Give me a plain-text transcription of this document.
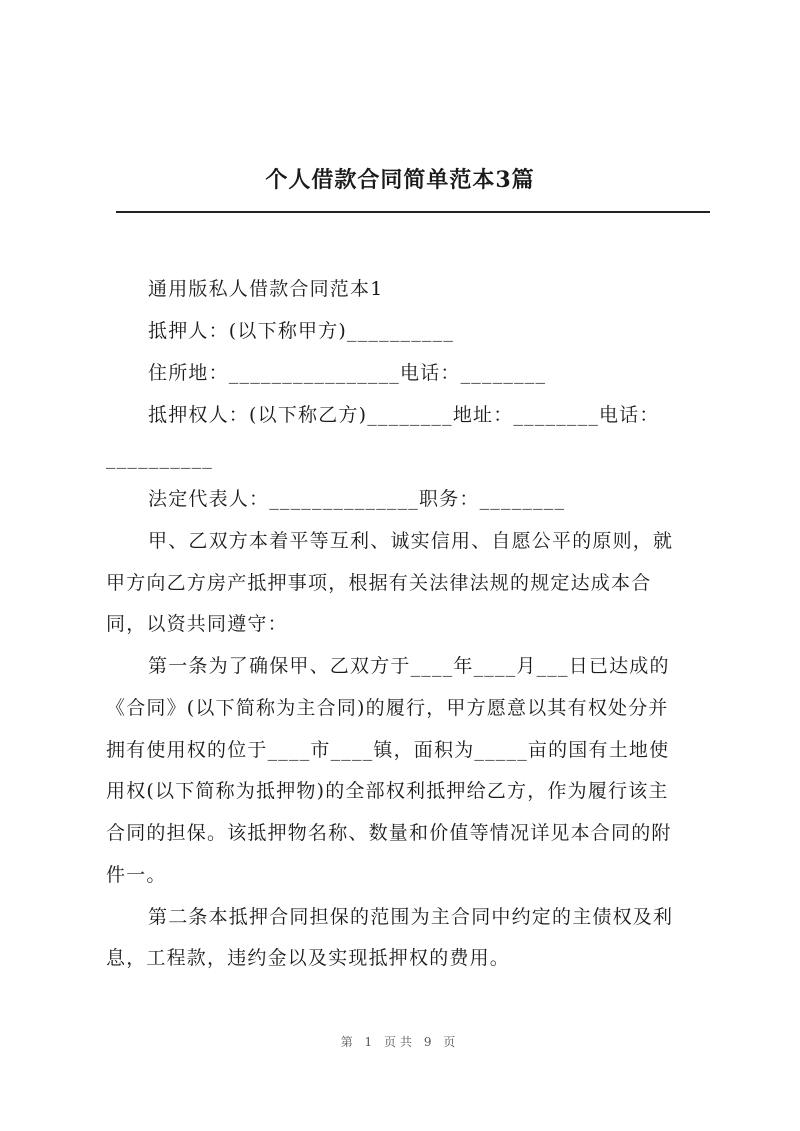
个人借款合同简单范本3篇
通用版私人借款合同范本1
抵押人：(以下称甲方)__________
住所地：________________电话：________
抵押权人：(以下称乙方)________地址：________电话：
__________
法定代表人：______________职务：________
甲、乙双方本着平等互利、诚实信用、自愿公平的原则，就
甲方向乙方房产抵押事项，根据有关法律法规的规定达成本合
同，以资共同遵守：
第一条为了确保甲、乙双方于____年____月___日已达成的
《合同》(以下简称为主合同)的履行，甲方愿意以其有权处分并
拥有使用权的位于____市____镇，面积为_____亩的国有土地使
用权(以下简称为抵押物)的全部权利抵押给乙方，作为履行该主
合同的担保。该抵押物名称、数量和价值等情况详见本合同的附
件一。
第二条本抵押合同担保的范围为主合同中约定的主债权及利
息，工程款，违约金以及实现抵押权的费用。
第 1 页共 9 页
